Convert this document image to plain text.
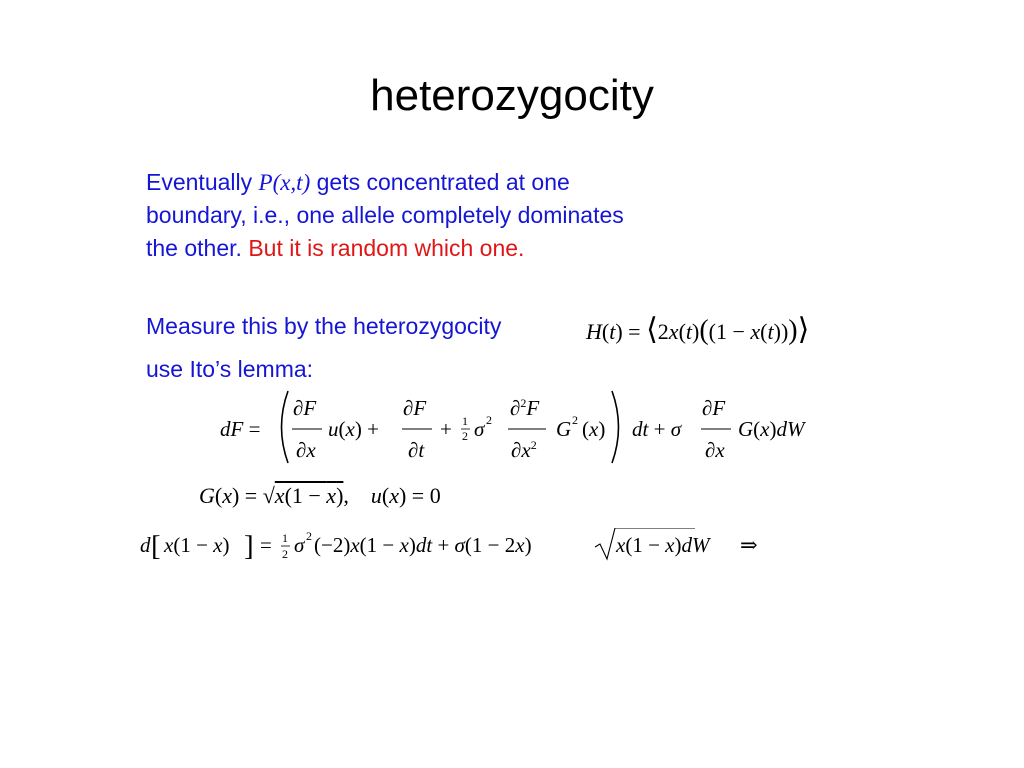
heterozygocity
Eventually P(x,t) gets concentrated at one boundary, i.e., one allele completely dominates the other. But it is random which one.
Measure this by the heterozygocity
use Ito’s lemma:
H(t) = ⟨2x(t)((1 − x(t)))⟩
dF =
∂F
∂x
u(x) +
∂F
∂t
+ 1
2 σ 2 ∂$^2$F
$\partial x^2$
G 2 (x) dt + σ
∂F
∂x
G(x)dW
G(x) = √x(1 − x),    u(x) = 0
d [ x(1 − x) ] = 1
2 σ 2 (−2)x(1 − x)dt + σ(1 − 2x)	x(1 − x)dW ⇒
